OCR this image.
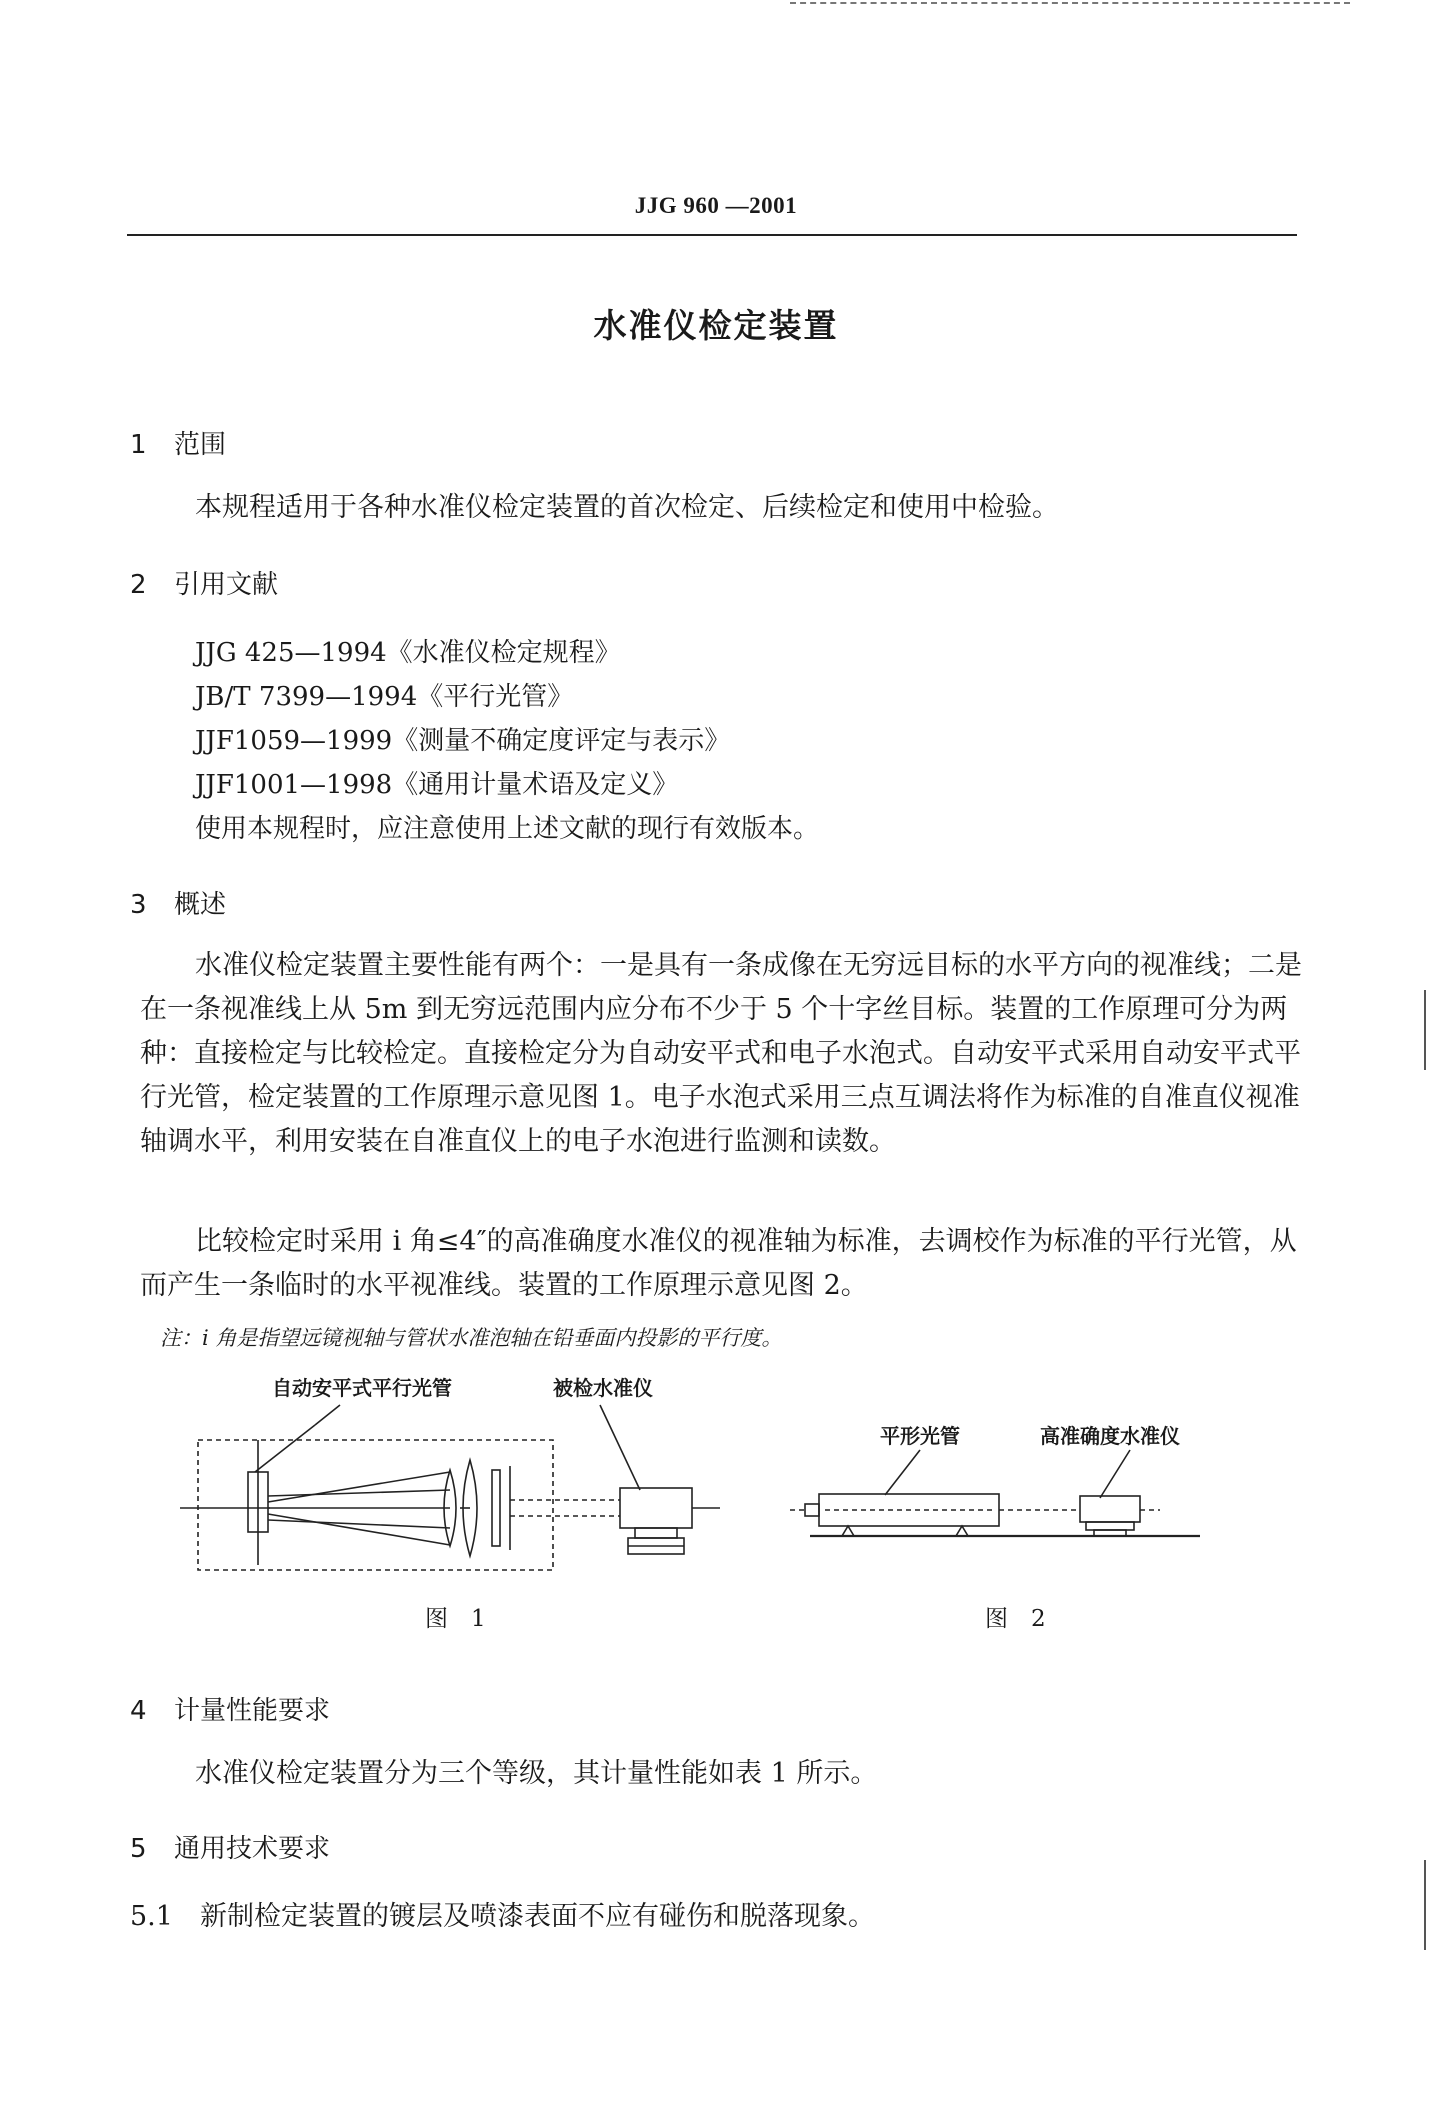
JJG 960 —2001
水准仪检定装置
1 范围
本规程适用于各种水准仪检定装置的首次检定、后续检定和使用中检验。
2 引用文献
JJG 425—1994《水准仪检定规程》
JB/T 7399—1994《平行光管》
JJF1059—1999《测量不确定度评定与表示》
JJF1001—1998《通用计量术语及定义》
使用本规程时，应注意使用上述文献的现行有效版本。
3 概述
水准仪检定装置主要性能有两个：一是具有一条成像在无穷远目标的水平方向的视准线；二是在一条视准线上从 5m 到无穷远范围内应分布不少于 5 个十字丝目标。装置的工作原理可分为两种：直接检定与比较检定。直接检定分为自动安平式和电子水泡式。自动安平式采用自动安平式平行光管，检定装置的工作原理示意见图 1。电子水泡式采用三点互调法将作为标准的自准直仪视准轴调水平，利用安装在自准直仪上的电子水泡进行监测和读数。
比较检定时采用 i 角≤4″的高准确度水准仪的视准轴为标准，去调校作为标准的平行光管，从而产生一条临时的水平视准线。装置的工作原理示意见图 2。
注：i 角是指望远镜视轴与管状水准泡轴在铅垂面内投影的平行度。
自动安平式平行光管	被检水准仪
平形光管	高准确度水准仪
图　1	图　2
4 计量性能要求
水准仪检定装置分为三个等级，其计量性能如表 1 所示。
5 通用技术要求
5.1 新制检定装置的镀层及喷漆表面不应有碰伤和脱落现象。
